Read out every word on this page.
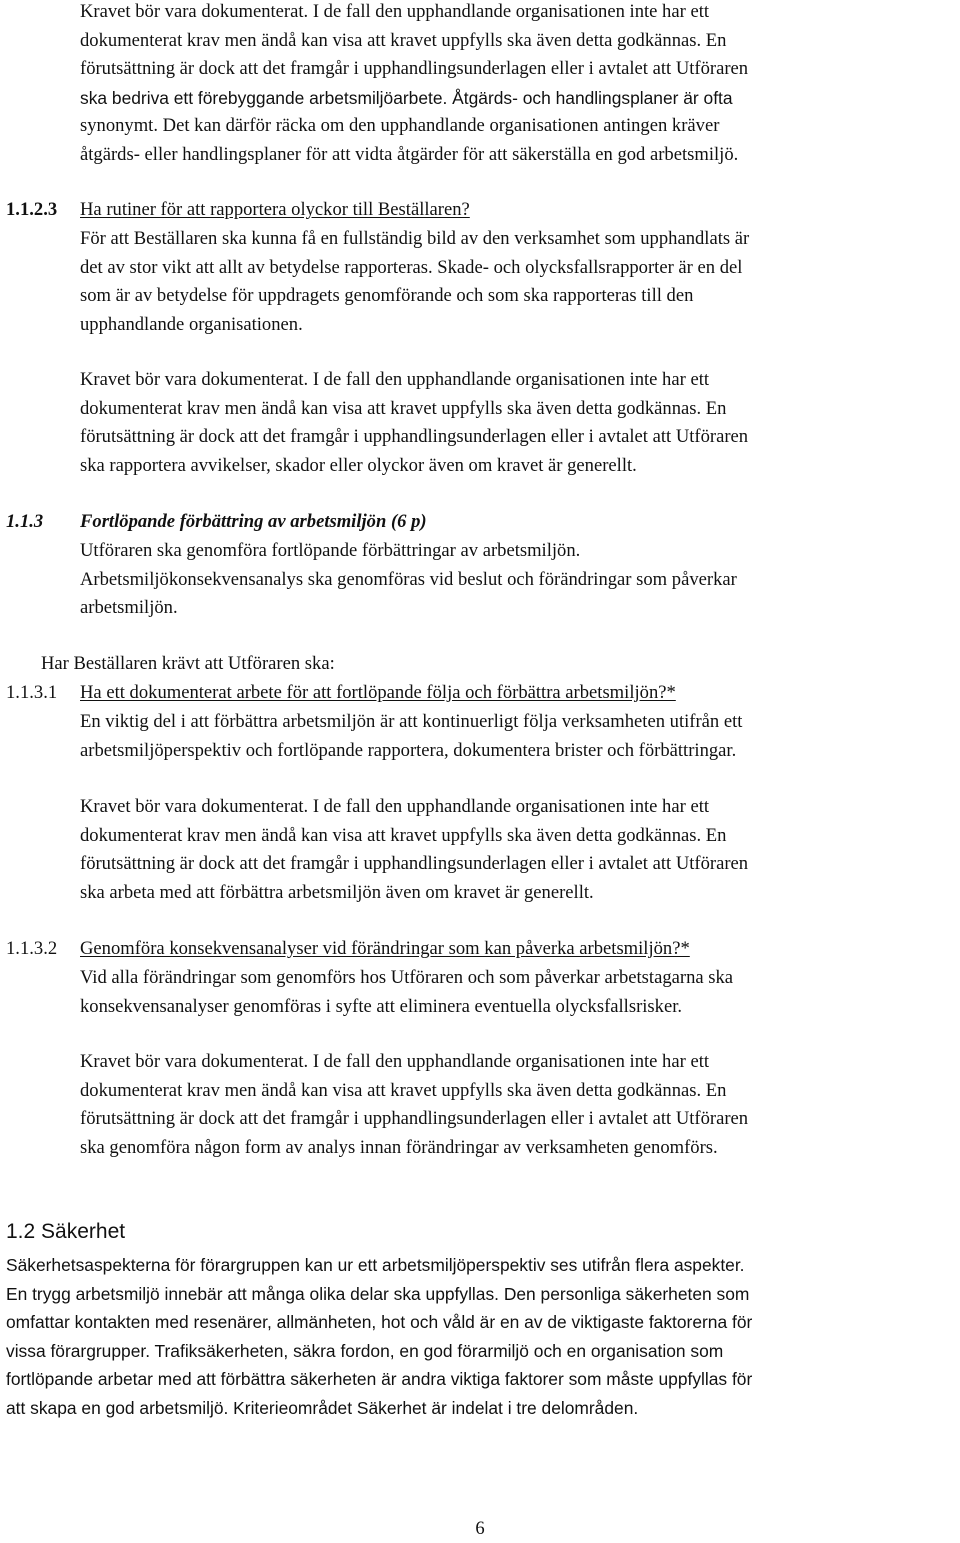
Kravet bör vara dokumenterat. I de fall den upphandlande organisationen inte har ett
dokumenterat krav men ändå kan visa att kravet uppfylls ska även detta godkännas. En
förutsättning är dock att det framgår i upphandlingsunderlagen eller i avtalet att Utföraren
ska bedriva ett förebyggande arbetsmiljöarbete. Åtgärds- och handlingsplaner är ofta
synonymt. Det kan därför räcka om den upphandlande organisationen antingen kräver
åtgärds- eller handlingsplaner för att vidta åtgärder för att säkerställa en god arbetsmiljö.
1.1.2.3 Ha rutiner för att rapportera olyckor till Beställaren?
För att Beställaren ska kunna få en fullständig bild av den verksamhet som upphandlats är
det av stor vikt att allt av betydelse rapporteras. Skade- och olycksfallsrapporter är en del
som är av betydelse för uppdragets genomförande och som ska rapporteras till den
upphandlande organisationen.
Kravet bör vara dokumenterat. I de fall den upphandlande organisationen inte har ett
dokumenterat krav men ändå kan visa att kravet uppfylls ska även detta godkännas. En
förutsättning är dock att det framgår i upphandlingsunderlagen eller i avtalet att Utföraren
ska rapportera avvikelser, skador eller olyckor även om kravet är generellt.
1.1.3 Fortlöpande förbättring av arbetsmiljön (6 p)
Utföraren ska genomföra fortlöpande förbättringar av arbetsmiljön.
Arbetsmiljökonsekvensanalys ska genomföras vid beslut och förändringar som påverkar
arbetsmiljön.
Har Beställaren krävt att Utföraren ska:
1.1.3.1 Ha ett dokumenterat arbete för att fortlöpande följa och förbättra arbetsmiljön?*
En viktig del i att förbättra arbetsmiljön är att kontinuerligt följa verksamheten utifrån ett
arbetsmiljöperspektiv och fortlöpande rapportera, dokumentera brister och förbättringar.
Kravet bör vara dokumenterat. I de fall den upphandlande organisationen inte har ett
dokumenterat krav men ändå kan visa att kravet uppfylls ska även detta godkännas. En
förutsättning är dock att det framgår i upphandlingsunderlagen eller i avtalet att Utföraren
ska arbeta med att förbättra arbetsmiljön även om kravet är generellt.
1.1.3.2 Genomföra konsekvensanalyser vid förändringar som kan påverka arbetsmiljön?*
Vid alla förändringar som genomförs hos Utföraren och som påverkar arbetstagarna ska
konsekvensanalyser genomföras i syfte att eliminera eventuella olycksfallsrisker.
Kravet bör vara dokumenterat. I de fall den upphandlande organisationen inte har ett
dokumenterat krav men ändå kan visa att kravet uppfylls ska även detta godkännas. En
förutsättning är dock att det framgår i upphandlingsunderlagen eller i avtalet att Utföraren
ska genomföra någon form av analys innan förändringar av verksamheten genomförs.
1.2 Säkerhet
Säkerhetsaspekterna för förargruppen kan ur ett arbetsmiljöperspektiv ses utifrån flera aspekter.
En trygg arbetsmiljö innebär att många olika delar ska uppfyllas. Den personliga säkerheten som
omfattar kontakten med resenärer, allmänheten, hot och våld är en av de viktigaste faktorerna för
vissa förargrupper. Trafiksäkerheten, säkra fordon, en god förarmiljö och en organisation som
fortlöpande arbetar med att förbättra säkerheten är andra viktiga faktorer som måste uppfyllas för
att skapa en god arbetsmiljö. Kriterieområdet Säkerhet är indelat i tre delområden.
6
